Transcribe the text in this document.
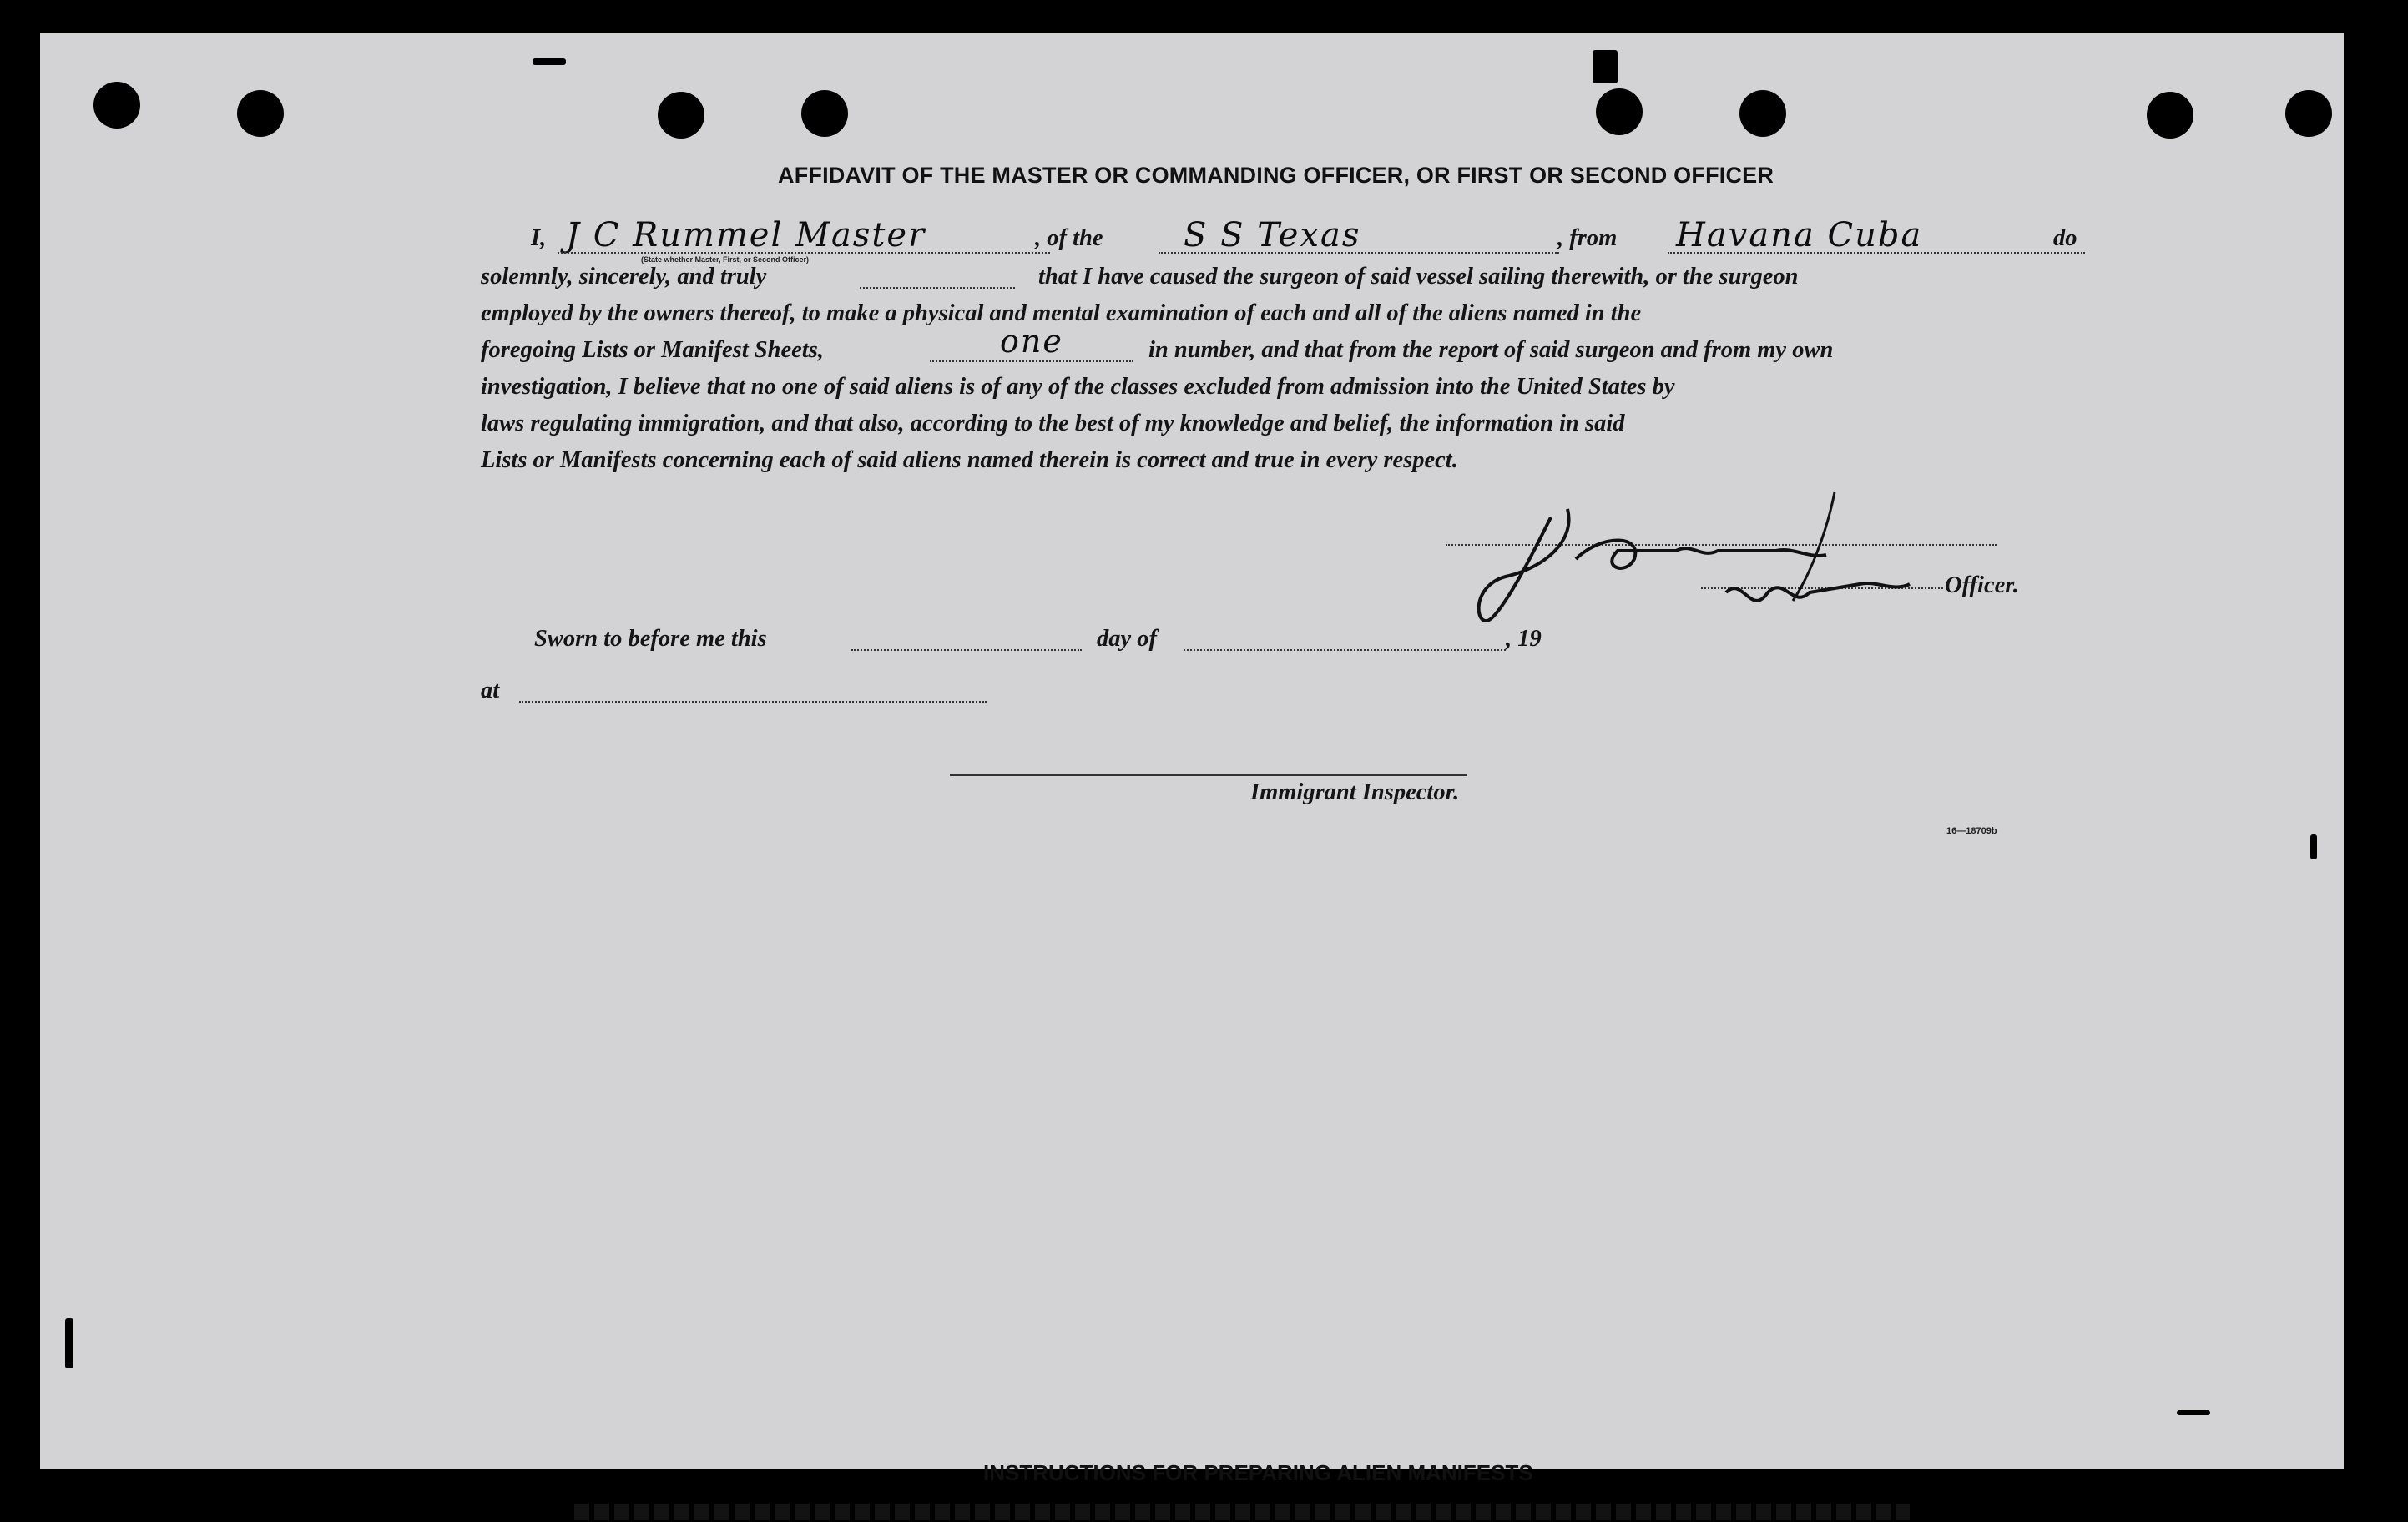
AFFIDAVIT OF THE MASTER OR COMMANDING OFFICER, OR FIRST OR SECOND OFFICER
I, J C Rummel Master	, of the S S Texas	, from Havana Cuba	do
(State whether Master, First, or Second Officer)
solemnly, sincerely, and truly	that I have caused the surgeon of said vessel sailing therewith, or the surgeon
employed by the owners thereof, to make a physical and mental examination of each and all of the aliens named in the
foregoing Lists or Manifest Sheets,	one	in number, and that from the report of said surgeon and from my own
investigation, I believe that no one of said aliens is of any of the classes excluded from admission into the United States by
laws regulating immigration, and that also, according to the best of my knowledge and belief, the information in said
Lists or Manifests concerning each of said aliens named therein is correct and true in every respect.
Officer.
Sworn to before me this	day of	, 19
at
Immigrant Inspector.
16—18709b
INSTRUCTIONS FOR PREPARING ALIEN MANIFESTS
